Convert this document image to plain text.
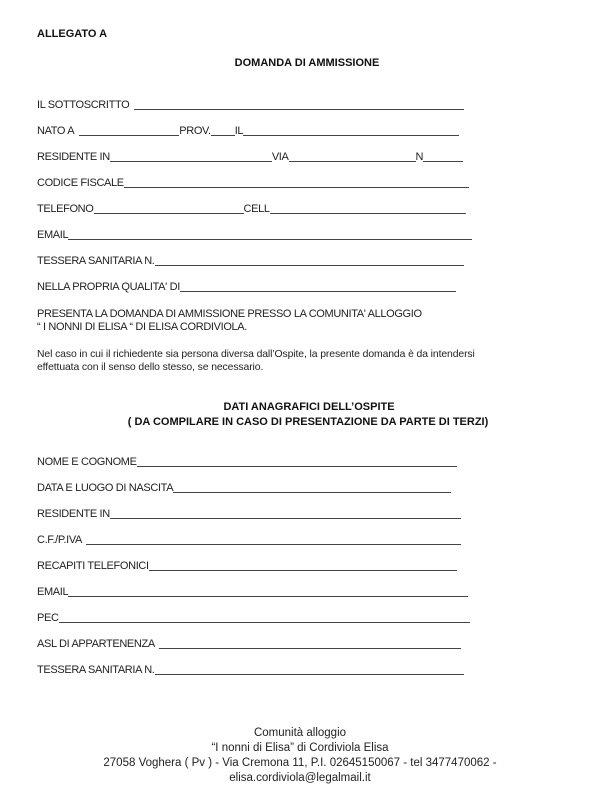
ALLEGATO A
DOMANDA DI AMMISSIONE
IL SOTTOSCRITTO
NATO A	PROV. IL
RESIDENTE IN	VIA	N
CODICE FISCALE
TELEFONO	CELL
EMAIL
TESSERA SANITARIA N.
NELLA PROPRIA QUALITA' DI
PRESENTA LA DOMANDA DI AMMISSIONE PRESSO LA COMUNITA' ALLOGGIO
“ I NONNI DI ELISA “ DI ELISA CORDIVIOLA.
Nel caso in cui il richiedente sia persona diversa dall’Ospite, la presente domanda è da intendersi
effettuata con il senso dello stesso, se necessario.
DATI ANAGRAFICI DELL’OSPITE
( DA COMPILARE IN CASO DI PRESENTAZIONE DA PARTE DI TERZI)
NOME E COGNOME
DATA E LUOGO DI NASCITA
RESIDENTE IN
C.F./P.IVA
RECAPITI TELEFONICI
EMAIL
PEC
ASL DI APPARTENENZA
TESSERA SANITARIA N.
Comunità alloggio
“I nonni di Elisa” di Cordiviola Elisa
27058 Voghera ( Pv ) - Via Cremona 11, P.I. 02645150067 - tel 3477470062 -
elisa.cordiviola@legalmail.it
